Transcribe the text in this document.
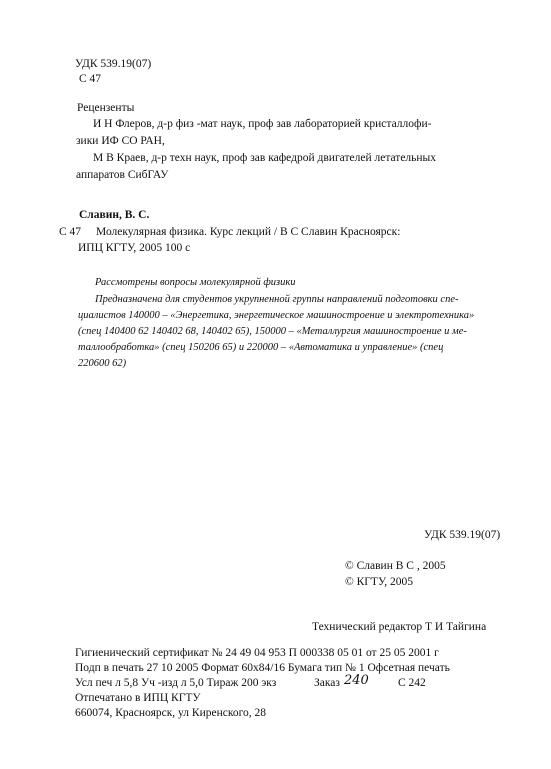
УДК 539.19(07)
С 47
Рецензенты
И Н Флеров, д-р физ -мат наук, проф зав лабораторией кристаллофи-
зики ИФ СО РАН,
М В Краев, д-р техн наук, проф зав кафедрой двигателей летательных
аппаратов СибГАУ
Славин, В. С.
С 47 Молекулярная физика. Курс лекций / В С Славин Красноярск:
ИПЦ КГТУ, 2005 100 с
Рассмотрены вопросы молекулярной физики
Предназначена для студентов укрупненной группы направлений подготовки спе-
циалистов 140000 – «Энергетика, энергетическое машиностроение и электротехника»
(спец 140400 62 140402 68, 140402 65), 150000 – «Металлургия машиностроение и ме-
таллообработка» (спец 150206 65) и 220000 – «Автоматика и управление» (спец
220600 62)
УДК 539.19(07)
© Славин В С , 2005
© КГТУ, 2005
Технический редактор Т И Тайгина
Гигиенический сертификат № 24 49 04 953 П 000338 05 01 от 25 05 2001 г
Подп в печать 27 10 2005 Формат 60х84/16 Бумага тип № 1 Офсетная печать
Усл печ л 5,8 Уч -изд л 5,0 Тираж 200 экз	Заказ 240	С 242
Отпечатано в ИПЦ КГТУ
660074, Красноярск, ул Киренского, 28
